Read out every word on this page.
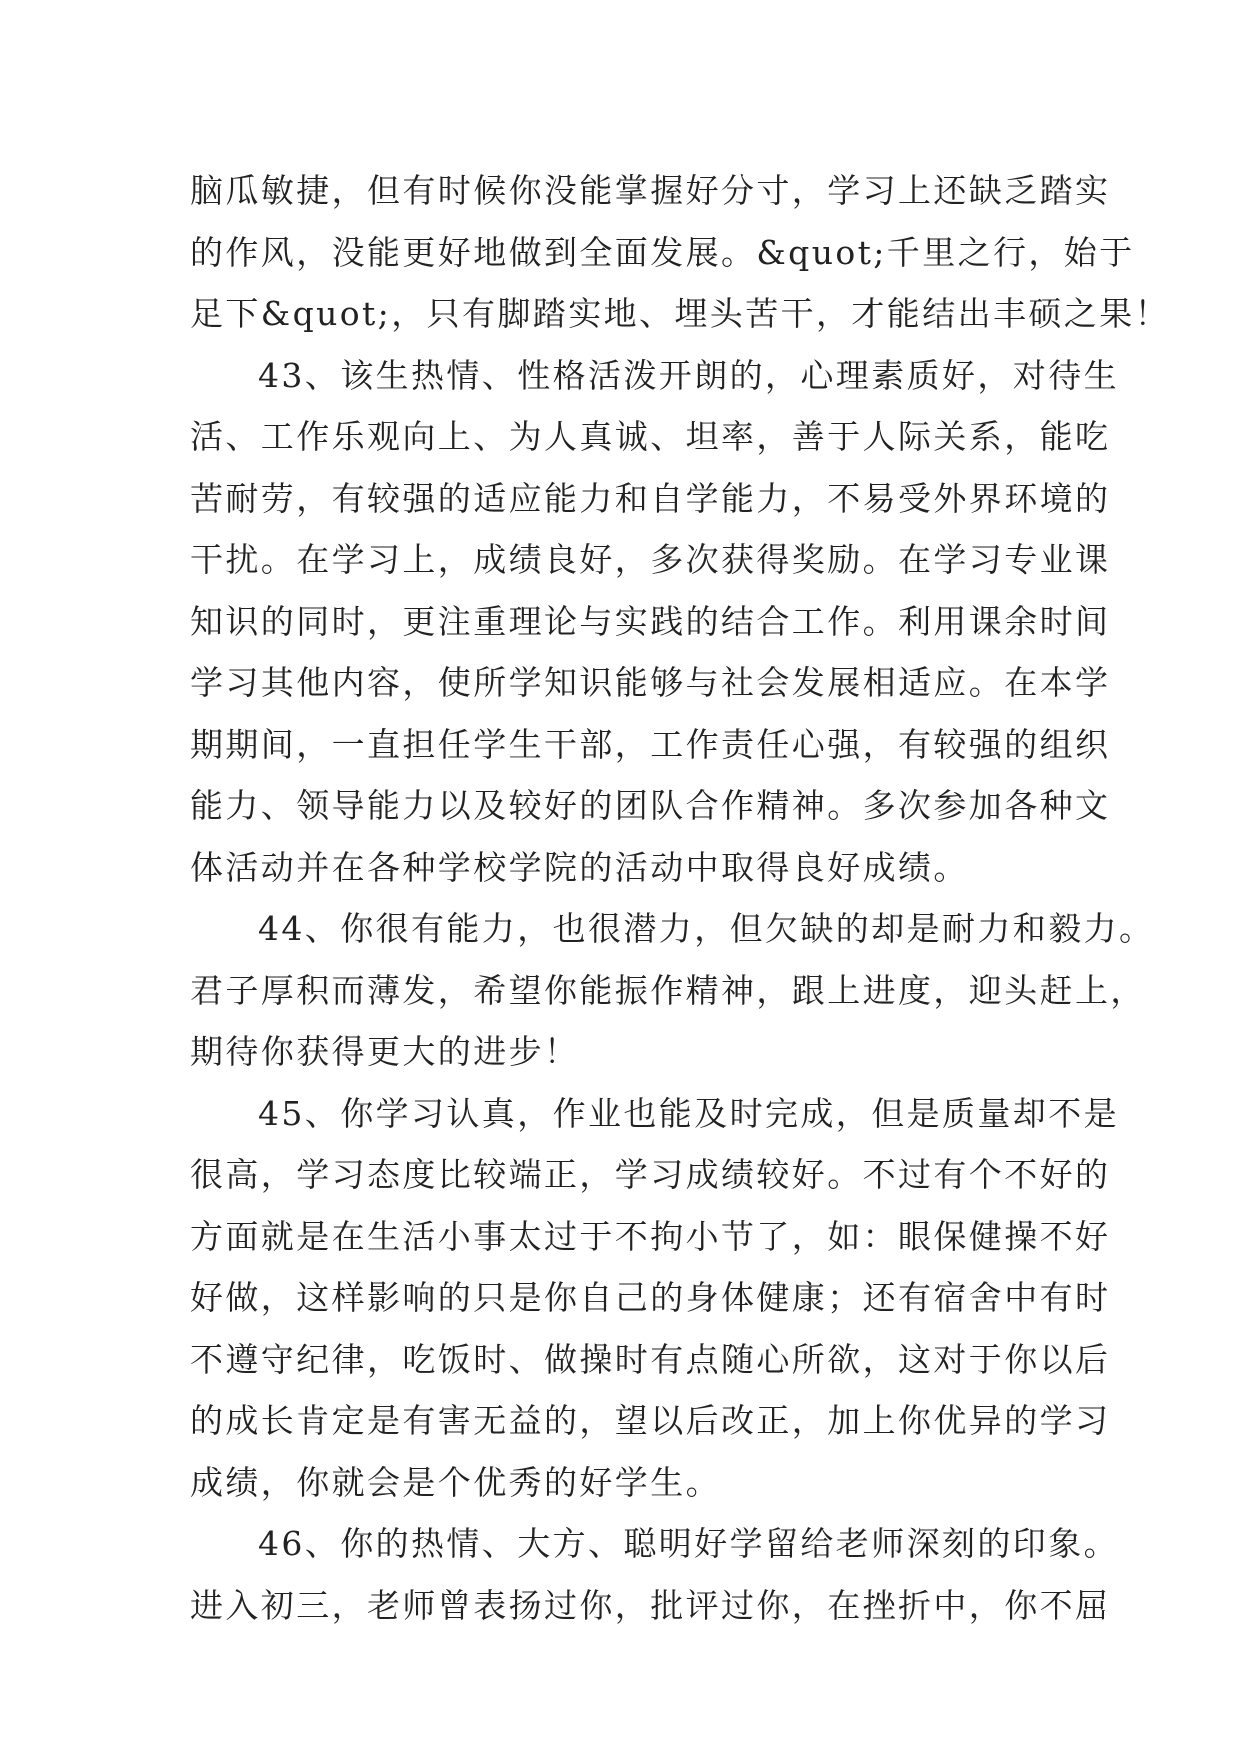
脑瓜敏捷，但有时候你没能掌握好分寸，学习上还缺乏踏实
的作风，没能更好地做到全面发展。&quot;千里之行，始于
足下&quot;，只有脚踏实地、埋头苦干，才能结出丰硕之果！
43、该生热情、性格活泼开朗的，心理素质好，对待生
活、工作乐观向上、为人真诚、坦率，善于人际关系，能吃
苦耐劳，有较强的适应能力和自学能力，不易受外界环境的
干扰。在学习上，成绩良好，多次获得奖励。在学习专业课
知识的同时，更注重理论与实践的结合工作。利用课余时间
学习其他内容，使所学知识能够与社会发展相适应。在本学
期期间，一直担任学生干部，工作责任心强，有较强的组织
能力、领导能力以及较好的团队合作精神。多次参加各种文
体活动并在各种学校学院的活动中取得良好成绩。
44、你很有能力，也很潜力，但欠缺的却是耐力和毅力。
君子厚积而薄发，希望你能振作精神，跟上进度，迎头赶上，
期待你获得更大的进步！
45、你学习认真，作业也能及时完成，但是质量却不是
很高，学习态度比较端正，学习成绩较好。不过有个不好的
方面就是在生活小事太过于不拘小节了，如：眼保健操不好
好做，这样影响的只是你自己的身体健康；还有宿舍中有时
不遵守纪律，吃饭时、做操时有点随心所欲，这对于你以后
的成长肯定是有害无益的，望以后改正，加上你优异的学习
成绩，你就会是个优秀的好学生。
46、你的热情、大方、聪明好学留给老师深刻的印象。
进入初三，老师曾表扬过你，批评过你，在挫折中，你不屈
